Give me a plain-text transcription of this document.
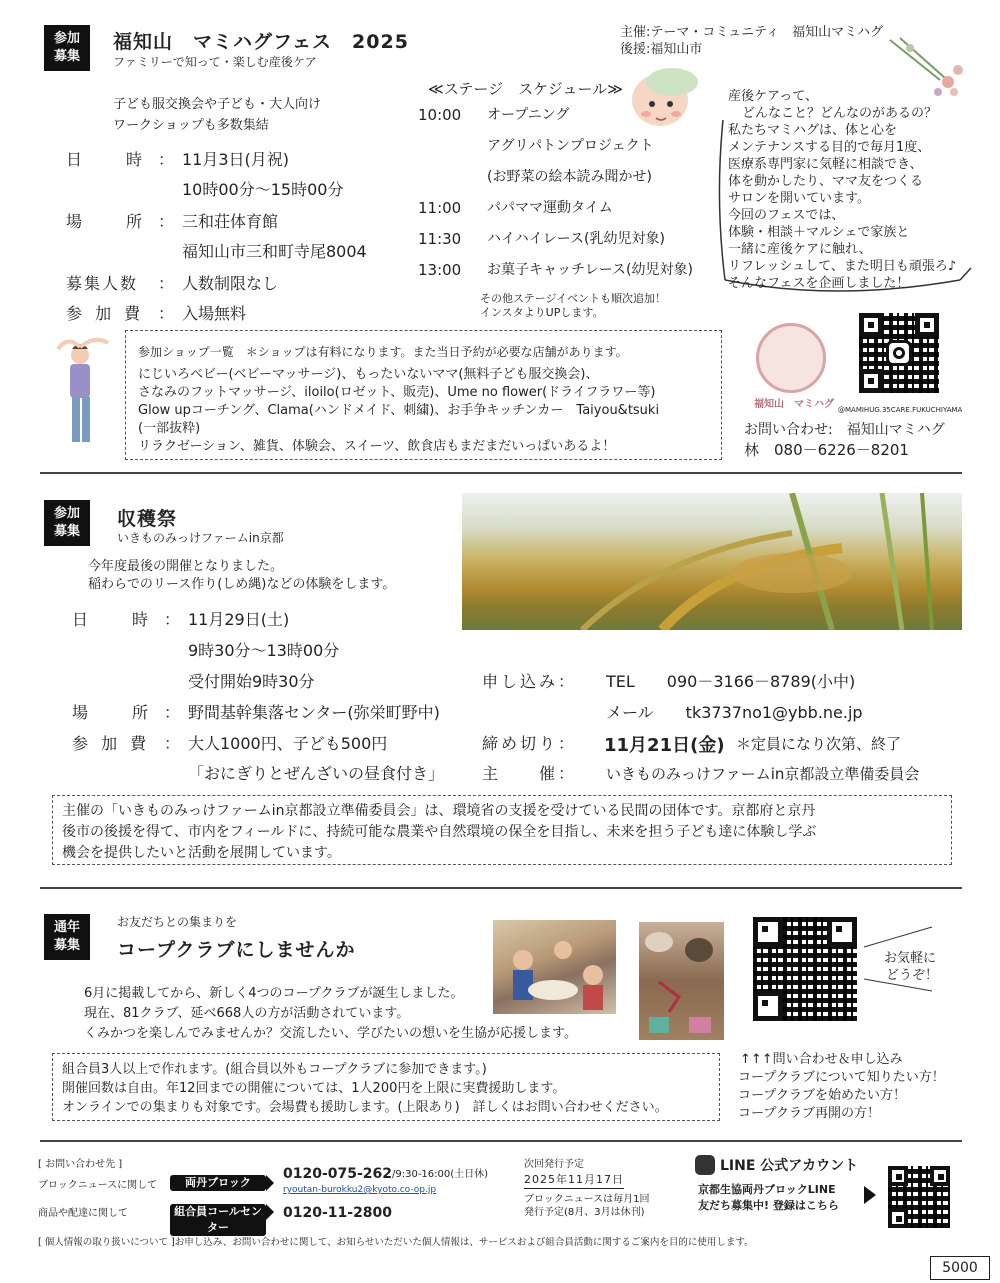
参加
募集
福知山　マミハグフェス　2025
ファミリーで知って・楽しむ産後ケア
子ども服交換会や子ども・大人向け
ワークショップも多数集結
主催:テーマ・コミュニティ　福知山マミハグ
後援:福知山市
日　　時 ： 11月3日(月祝)
10時00分～15時00分
場　　所 ： 三和荘体育館
福知山市三和町寺尾8004
募集人数 ： 人数制限なし
参 加 費 ： 入場無料
≪ステージ　スケジュール≫
10:00 オープニング
アグリパトンプロジェクト
(お野菜の絵本読み聞かせ)
11:00 パパママ運動タイム
11:30 ハイハイレース(乳幼児対象)
13:00 お菓子キャッチレース(幼児対象)
その他ステージイベントも順次追加！
インスタよりUPします。
産後ケアって、
どんなこと？どんなのがあるの？
私たちマミハグは、体と心を
メンテナンスする目的で毎月1度、
医療系専門家に気軽に相談でき、
体を動かしたり、ママ友をつくる
サロンを開いています。
今回のフェスでは、
体験・相談＋マルシェで家族と
一緒に産後ケアに触れ、
リフレッシュして、また明日も頑張ろ♪
そんなフェスを企画しました！
参加ショップ一覧　＊ショップは有料になります。また当日予約が必要な店舗があります。
にじいろベビー(ベビーマッサージ)、もったいないママ(無料子ども服交換会)、
さなみのフットマッサージ、iloilo(ロゼット、販売)、Ume no flower(ドライフラワー等)
Glow upコーチング、Clama(ハンドメイド、刺繍)、お手争キッチンカー　Taiyou&tsuki
(一部抜粋)
リラクゼーション、雑貨、体験会、スイーツ、飲食店もまだまだいっぱいあるよ！
福知山　マミハグ @MAMIHUG.35CARE.FUKUCHIYAMA
お問い合わせ:　福知山マミハグ
林　080－6226－8201
参加
募集
収穫祭
いきものみっけファームin京都
今年度最後の開催となりました。
稲わらでのリース作り(しめ縄)などの体験をします。
日　　時 ： 11月29日(土)
9時30分～13時00分
受付開始9時30分
場　　所 ： 野間基幹集落センター(弥栄町野中)
参 加 費 ： 大人1000円、子ども500円
「おにぎりとぜんざいの昼食付き」
申し込み： TEL　　090－3166－8789(小中)
メール　　tk3737no1@ybb.ne.jp
締め切り： 11月21日(金) ＊定員になり次第、終了
主　　催： いきものみっけファームin京都設立準備委員会
主催の「いきものみっけファームin京都設立準備委員会」は、環境省の支援を受けている民間の団体です。京都府と京丹
後市の後援を得て、市内をフィールドに、持続可能な農業や自然環境の保全を目指し、未来を担う子ども達に体験し学ぶ
機会を提供したいと活動を展開しています。
通年
募集
お友だちとの集まりを
コープクラブにしませんか
6月に掲載してから、新しく4つのコープクラブが誕生しました。
現在、81クラブ、延べ668人の方が活動されています。
くみかつを楽しんでみませんか？交流したい、学びたいの想いを生協が応援します。
お気軽に
どうぞ！
組合員3人以上で作れます。(組合員以外もコープクラブに参加できます。)
開催回数は自由。年12回までの開催については、1人200円を上限に実費援助します。
オンラインでの集まりも対象です。会場費も援助します。(上限あり)　詳しくはお問い合わせください。
↑↑↑問い合わせ＆申し込み
コープクラブについて知りたい方！
コープクラブを始めたい方！
コープクラブ再開の方！
[ お問い合わせ先 ]
ブロックニュースに関して	両丹ブロック
0120-075-262 /9:30-16:00(土日休)
ryoutan-burokku2@kyoto.co-op.jp
商品や配達に関して	組合員コールセンター
0120-11-2800
次回発行予定
2025年11月17日
ブロックニュースは毎月1回
発行予定(8月、3月は休刊)
LINE 公式アカウント
京都生協両丹ブロックLINE
友だち募集中! 登録はこちら
[ 個人情報の取り扱いについて ]お申し込み、お問い合わせに関して、お知らせいただいた個人情報は、サービスおよび組合員活動に関するご案内を目的に使用します。
5000
